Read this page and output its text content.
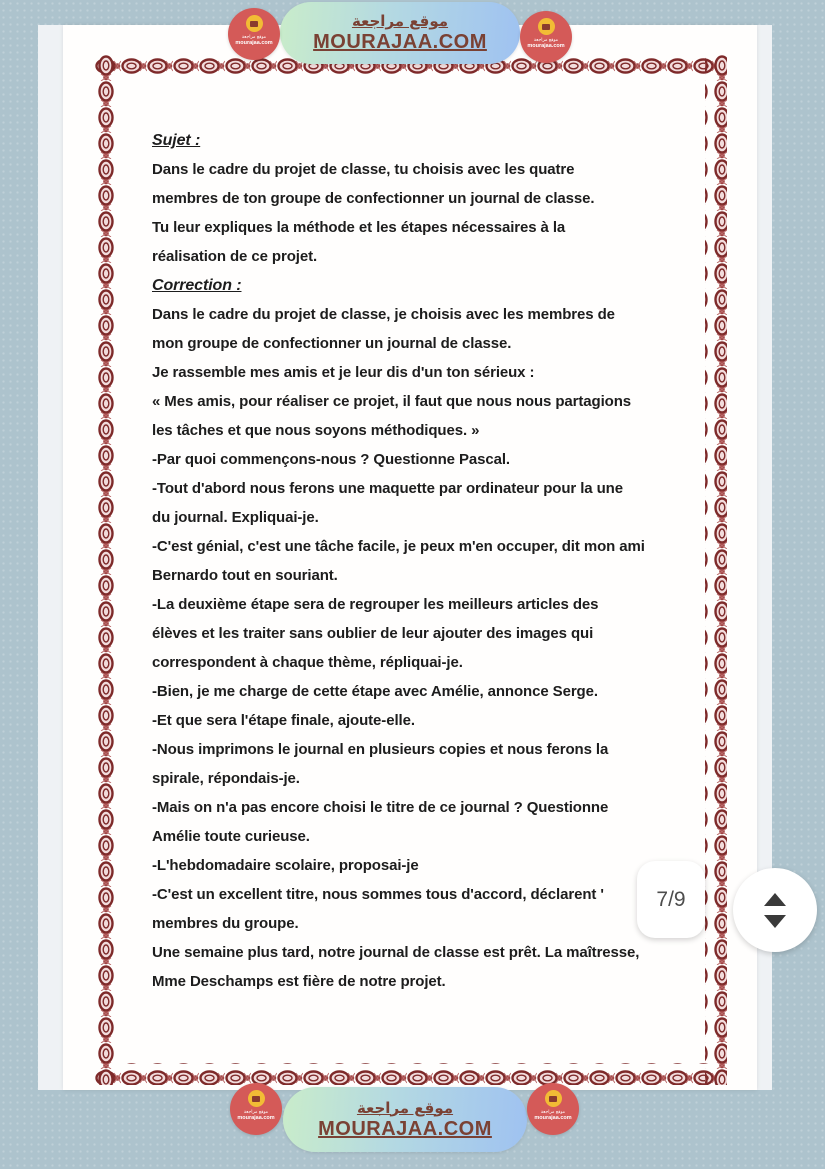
Sujet :
Dans le cadre du projet de classe, tu choisis avec les quatre
membres de ton groupe de confectionner un journal de classe.
Tu leur expliques la méthode et les étapes nécessaires à la
réalisation de ce projet.
Correction :
Dans le cadre du projet de classe, je choisis avec les membres de
mon groupe de confectionner un journal de classe.
Je rassemble mes amis et je leur dis d'un ton sérieux :
« Mes amis, pour réaliser ce projet, il faut que nous nous partagions
les tâches et que nous soyons méthodiques. »
-Par quoi commençons-nous ? Questionne Pascal.
-Tout d'abord nous ferons une maquette par ordinateur pour la une
du journal. Expliquai-je.
-C'est génial, c'est une tâche facile, je peux m'en occuper, dit mon ami
Bernardo tout en souriant.
-La deuxième étape sera de regrouper les meilleurs articles des
élèves et les traiter sans oublier de leur ajouter des images qui
correspondent à chaque thème, répliquai-je.
-Bien, je me charge de cette étape avec Amélie, annonce Serge.
-Et que sera l'étape finale, ajoute-elle.
-Nous imprimons le journal en plusieurs copies et nous ferons la
spirale, répondais-je.
-Mais on n'a pas encore choisi le titre de ce journal ? Questionne
Amélie toute curieuse.
-L'hebdomadaire scolaire, proposai-je
-C'est un excellent titre, nous sommes tous d'accord, déclarent '
membres du groupe.
Une semaine plus tard, notre journal de classe est prêt. La maîtresse,
Mme Deschamps est fière de notre projet.
موقع مراجعة
MOURAJAA.COM
موقع مراجعة
mourajaa.com	موقع مراجعة
mourajaa.com
موقع مراجعة
MOURAJAA.COM
موقع مراجعة
mourajaa.com
موقع مراجعة
mourajaa.com
7/9
